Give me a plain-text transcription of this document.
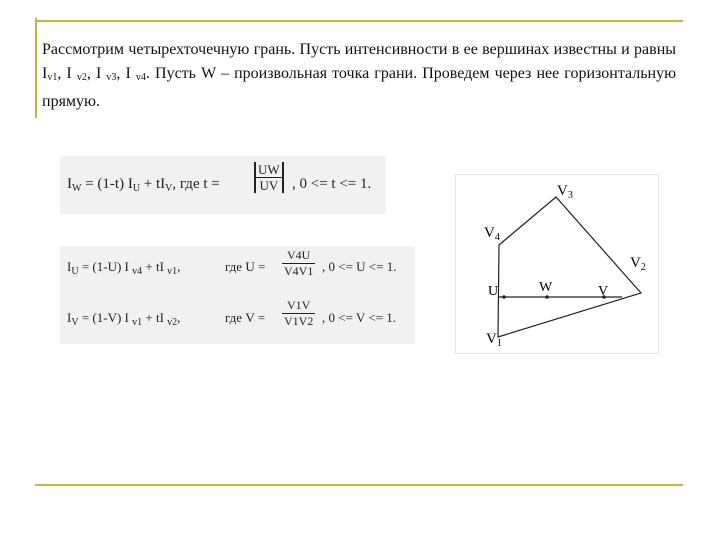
Рассмотрим четырехточечную грань. Пусть интенсивности в ее вершинах известны и равны $I_{v1}$, I $_{v2}$, I $_{v3}$, I $_{v4}$. Пусть W – произвольная точка грани. Проведем через нее горизонтальную прямую.
$I_W = (1-t) I_U + tI_V$, где t =	$\frac{UW}{UV}$ , 0 <= t <= 1.
$I_U = (1-U)$ I $_{v4}$ + tI $_{v1}$,	где $U = \frac{V4U}{V4V1}$ , 0 <= U <= 1.
$I_V = (1-V)$ I $_{v1}$ + tI $_{v2}$,	где $V = \frac{V1V}{V1V2}$ , 0 <= V <= 1.
$V_3$
$V_4$
$V_2$
$V_1$
U	W	V
